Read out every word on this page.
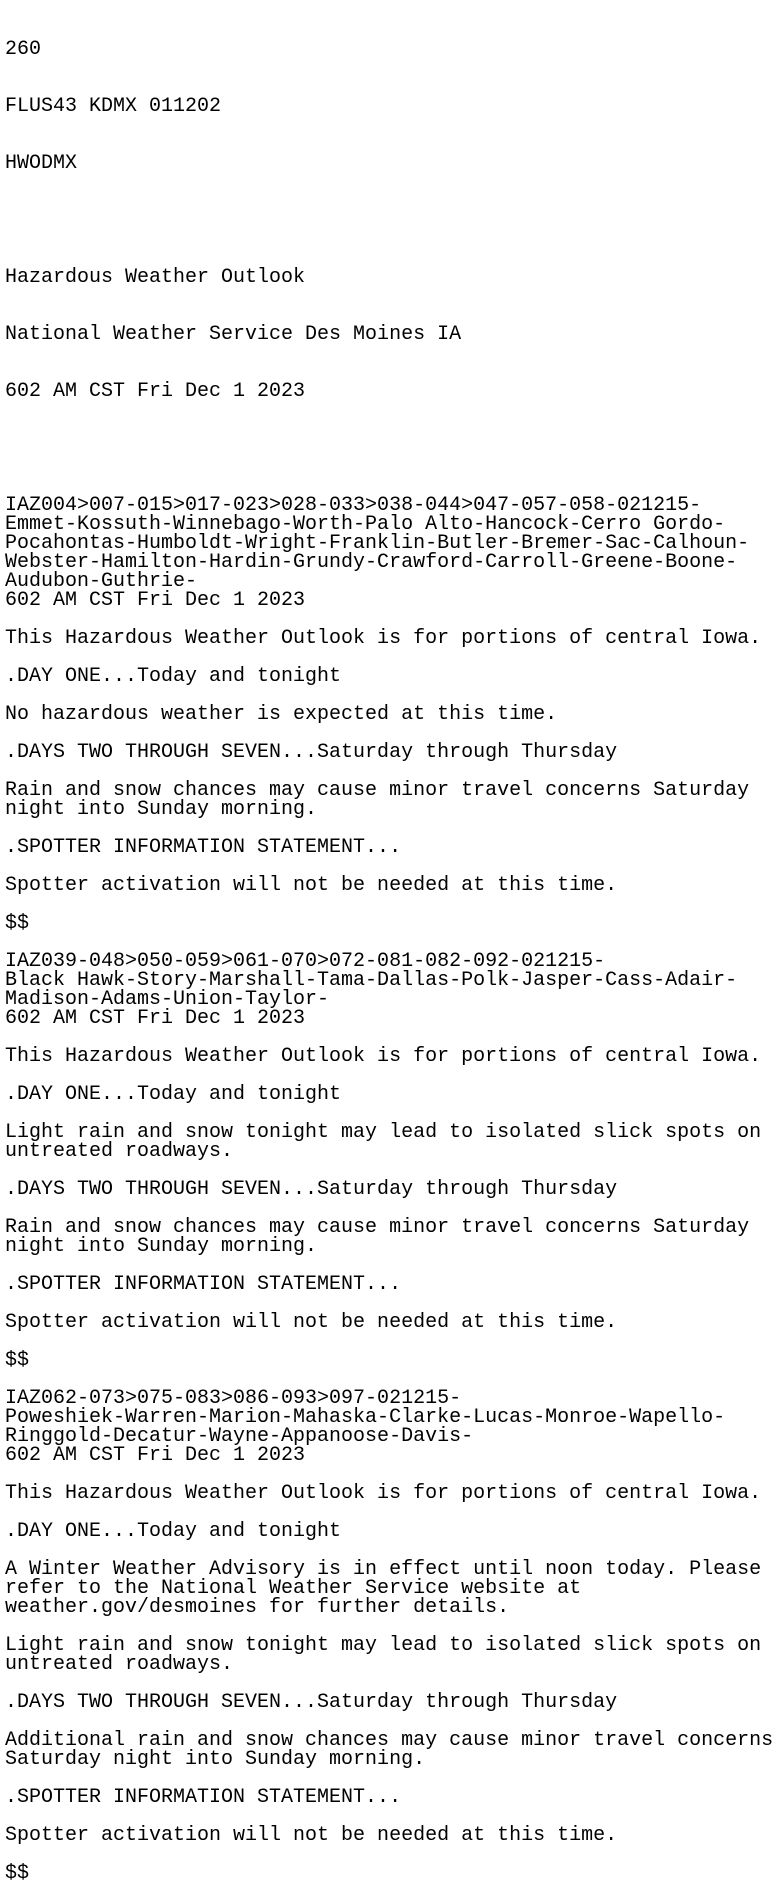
260

FLUS43 KDMX 011202

HWODMX

Hazardous Weather Outlook

National Weather Service Des Moines IA

602 AM CST Fri Dec 1 2023

IAZ004>007-015>017-023>028-033>038-044>047-057-058-021215-
Emmet-Kossuth-Winnebago-Worth-Palo Alto-Hancock-Cerro Gordo-
Pocahontas-Humboldt-Wright-Franklin-Butler-Bremer-Sac-Calhoun-
Webster-Hamilton-Hardin-Grundy-Crawford-Carroll-Greene-Boone-
Audubon-Guthrie-
602 AM CST Fri Dec 1 2023
This Hazardous Weather Outlook is for portions of central Iowa.
.DAY ONE...Today and tonight
No hazardous weather is expected at this time.
.DAYS TWO THROUGH SEVEN...Saturday through Thursday
Rain and snow chances may cause minor travel concerns Saturday
night into Sunday morning.
.SPOTTER INFORMATION STATEMENT...
Spotter activation will not be needed at this time.
$$
IAZ039-048>050-059>061-070>072-081-082-092-021215-
Black Hawk-Story-Marshall-Tama-Dallas-Polk-Jasper-Cass-Adair-
Madison-Adams-Union-Taylor-
602 AM CST Fri Dec 1 2023
This Hazardous Weather Outlook is for portions of central Iowa.
.DAY ONE...Today and tonight
Light rain and snow tonight may lead to isolated slick spots on
untreated roadways.
.DAYS TWO THROUGH SEVEN...Saturday through Thursday
Rain and snow chances may cause minor travel concerns Saturday
night into Sunday morning.
.SPOTTER INFORMATION STATEMENT...
Spotter activation will not be needed at this time.
$$
IAZ062-073>075-083>086-093>097-021215-
Poweshiek-Warren-Marion-Mahaska-Clarke-Lucas-Monroe-Wapello-
Ringgold-Decatur-Wayne-Appanoose-Davis-
602 AM CST Fri Dec 1 2023
This Hazardous Weather Outlook is for portions of central Iowa.
.DAY ONE...Today and tonight
A Winter Weather Advisory is in effect until noon today. Please
refer to the National Weather Service website at
weather.gov/desmoines for further details.
Light rain and snow tonight may lead to isolated slick spots on
untreated roadways.
.DAYS TWO THROUGH SEVEN...Saturday through Thursday
Additional rain and snow chances may cause minor travel concerns
Saturday night into Sunday morning.
.SPOTTER INFORMATION STATEMENT...
Spotter activation will not be needed at this time.
$$
